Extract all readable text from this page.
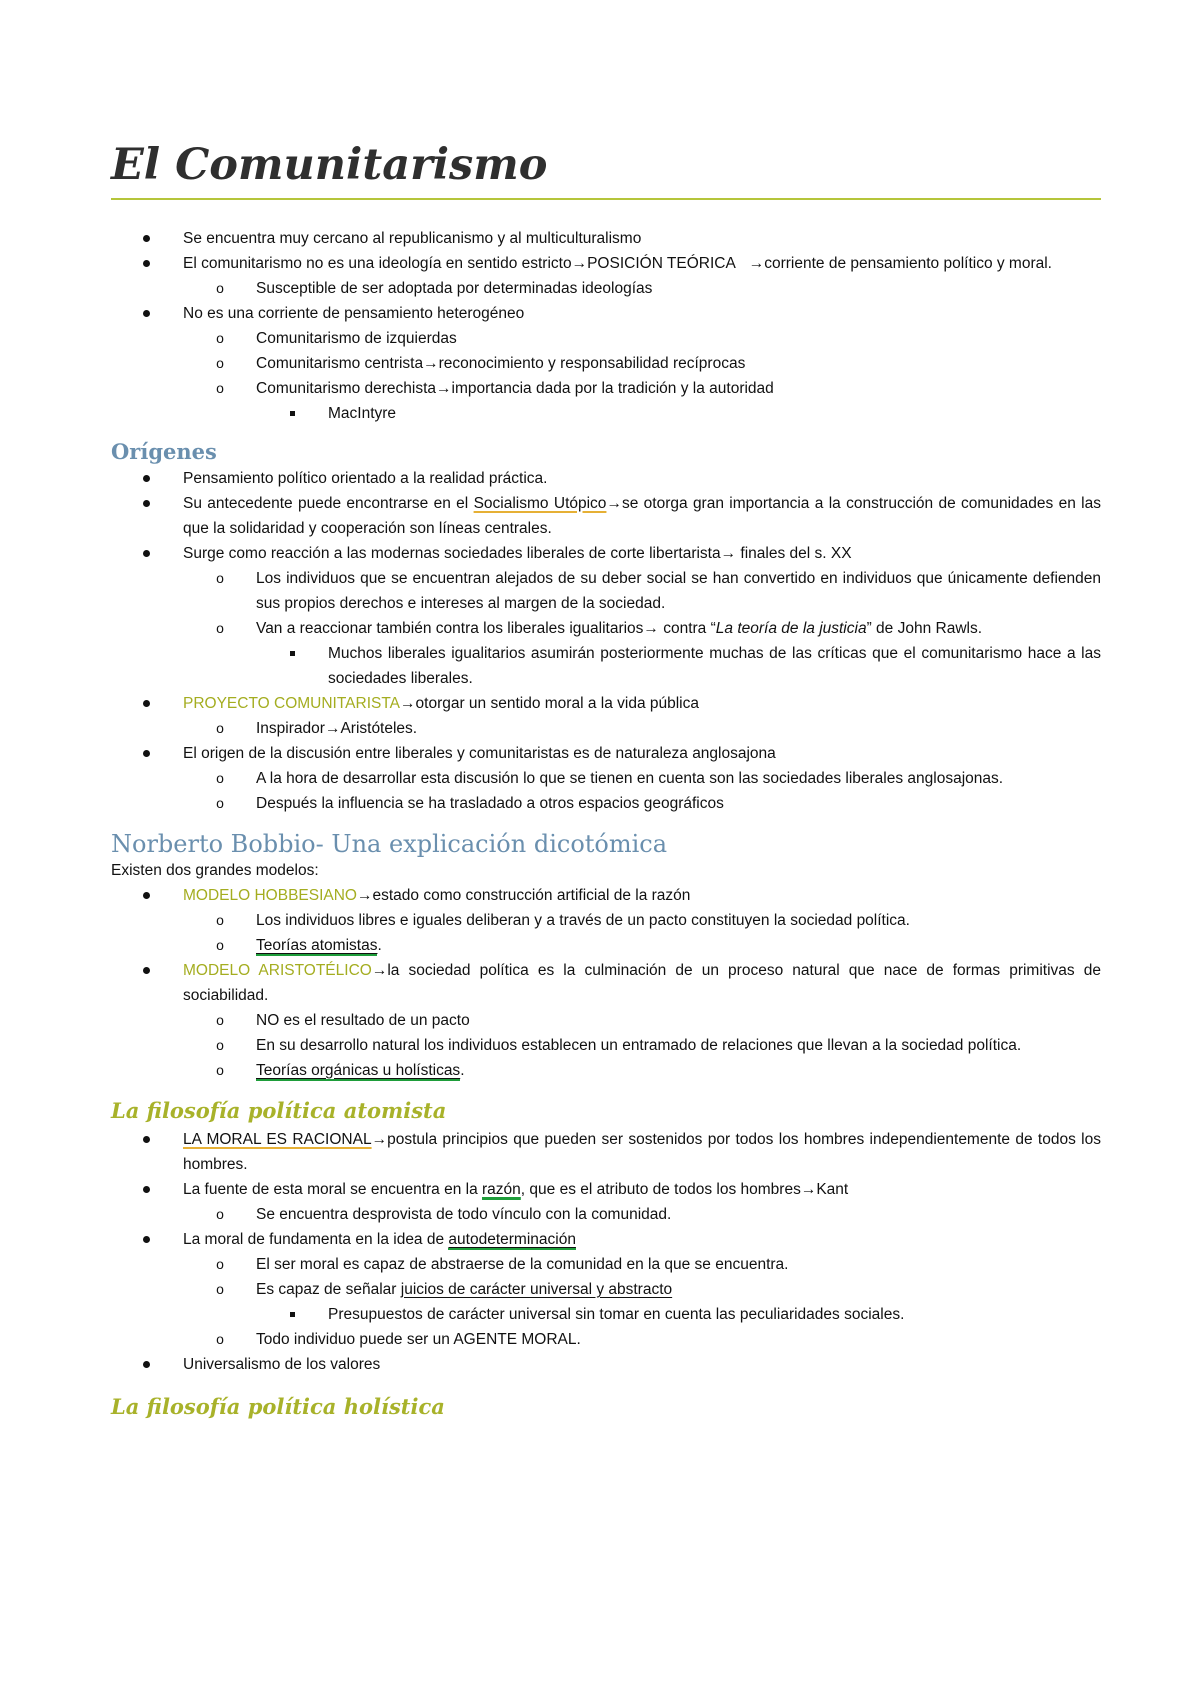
El Comunitarismo
Se encuentra muy cercano al republicanismo y al multiculturalismo
El comunitarismo no es una ideología en sentido estricto→POSICIÓN TEÓRICA →corriente de pensamiento político y moral.
o Susceptible de ser adoptada por determinadas ideologías
No es una corriente de pensamiento heterogéneo
o Comunitarismo de izquierdas
o Comunitarismo centrista→reconocimiento y responsabilidad recíprocas
o Comunitarismo derechista→importancia dada por la tradición y la autoridad
MacIntyre
Orígenes
Pensamiento político orientado a la realidad práctica.
Su antecedente puede encontrarse en el Socialismo Utópico→se otorga gran importancia a la construcción de comunidades en las que la solidaridad y cooperación son líneas centrales.
Surge como reacción a las modernas sociedades liberales de corte libertarista→ finales del s. XX
o Los individuos que se encuentran alejados de su deber social se han convertido en individuos que únicamente defienden sus propios derechos e intereses al margen de la sociedad.
o Van a reaccionar también contra los liberales igualitarios→ contra “La teoría de la justicia” de John Rawls.
Muchos liberales igualitarios asumirán posteriormente muchas de las críticas que el comunitarismo hace a las sociedades liberales.
PROYECTO COMUNITARISTA→otorgar un sentido moral a la vida pública
o Inspirador→Aristóteles.
El origen de la discusión entre liberales y comunitaristas es de naturaleza anglosajona
o A la hora de desarrollar esta discusión lo que se tienen en cuenta son las sociedades liberales anglosajonas.
o Después la influencia se ha trasladado a otros espacios geográficos
Norberto Bobbio- Una explicación dicotómica

Existen dos grandes modelos:

MODELO HOBBESIANO→estado como construcción artificial de la razón
o Los individuos libres e iguales deliberan y a través de un pacto constituyen la sociedad política.
o Teorías atomistas.
MODELO ARISTOTÉLICO→la sociedad política es la culminación de un proceso natural que nace de formas primitivas de sociabilidad.
o NO es el resultado de un pacto
o En su desarrollo natural los individuos establecen un entramado de relaciones que llevan a la sociedad política.
o Teorías orgánicas u holísticas.
La filosofía política atomista
LA MORAL ES RACIONAL→postula principios que pueden ser sostenidos por todos los hombres independientemente de todos los hombres.
La fuente de esta moral se encuentra en la razón, que es el atributo de todos los hombres→Kant
o Se encuentra desprovista de todo vínculo con la comunidad.
La moral de fundamenta en la idea de autodeterminación
o El ser moral es capaz de abstraerse de la comunidad en la que se encuentra.
o Es capaz de señalar juicios de carácter universal y abstracto
Presupuestos de carácter universal sin tomar en cuenta las peculiaridades sociales.
o Todo individuo puede ser un AGENTE MORAL.
Universalismo de los valores
La filosofía política holística
